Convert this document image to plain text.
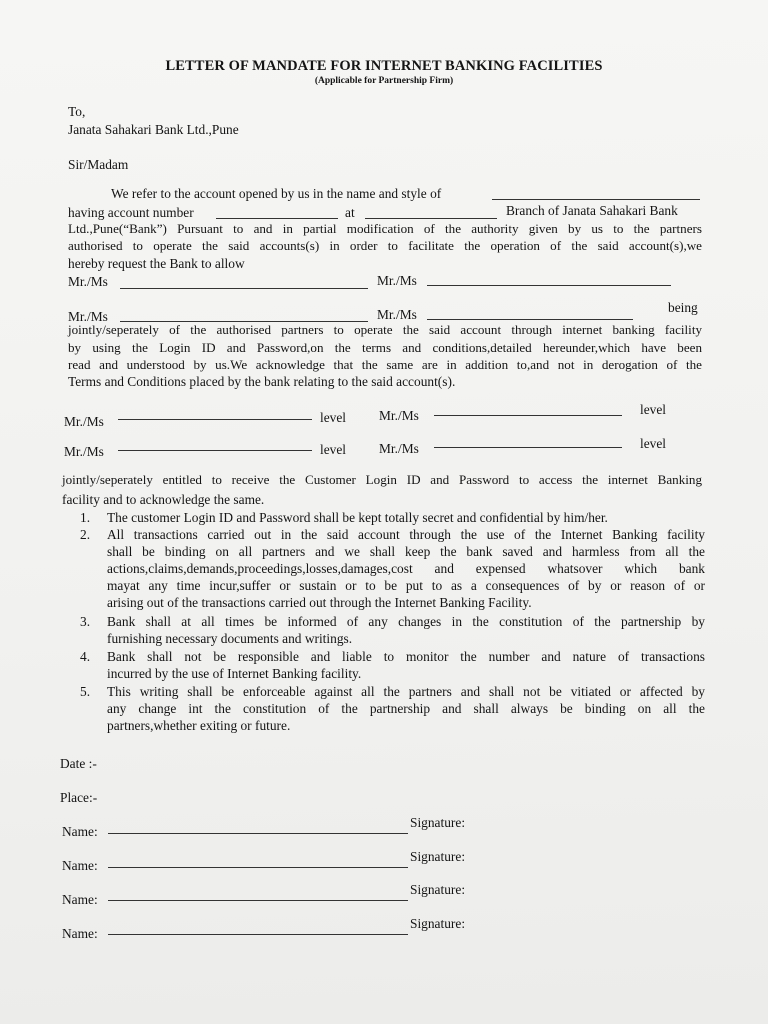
LETTER OF MANDATE FOR INTERNET BANKING FACILITIES
(Applicable for Partnership Firm)
To,
Janata Sahakari Bank Ltd.,Pune
Sir/Madam
We refer to the account opened by us in the name and style of
having account number	at	Branch of Janata Sahakari Bank
Ltd.,Pune(“Bank”) Pursuant to and in partial modification of the authority given by us to the partners
authorised to operate the said accounts(s) in order to facilitate the operation of the said account(s),we
hereby request the Bank to allow
Mr./Ms	Mr./Ms
Mr./Ms	Mr./Ms	being
jointly/seperately of the authorised partners to operate the said account through internet banking facility
by using the Login ID and Password,on the terms and conditions,detailed hereunder,which have been
read and understood by us.We acknowledge that the same are in addition to,and not in derogation of the
Terms and Conditions placed by the bank relating to the said account(s).
Mr./Ms	level Mr./Ms	level
Mr./Ms	level Mr./Ms	level
jointly/seperately entitled to receive the Customer Login ID and Password to access the internet Banking
facility and to acknowledge the same.
1.	The customer Login ID and Password shall be kept totally secret and confidential by him/her.
2.	All transactions carried out in the said account through the use of the Internet Banking facility
shall be binding on all partners and we shall keep the bank saved and harmless from all the
actions,claims,demands,proceedings,losses,damages,cost and expensed whatsover which bank
mayat any time incur,suffer or sustain or to be put to as a consequences of by or reason of or
arising out of the transactions carried out through the Internet Banking Facility.
3.	Bank shall at all times be informed of any changes in the constitution of the partnership by
furnishing necessary documents and writings.
4.	Bank shall not be responsible and liable to monitor the number and nature of transactions
incurred by the use of Internet Banking facility.
5.	This writing shall be enforceable against all the partners and shall not be vitiated or affected by
any change int the constitution of the partnership and shall always be binding on all the
partners,whether exiting or future.
Date :-
Place:-
Name:
Signature:
Name:
Signature:
Name:
Signature:
Name:
Signature:
